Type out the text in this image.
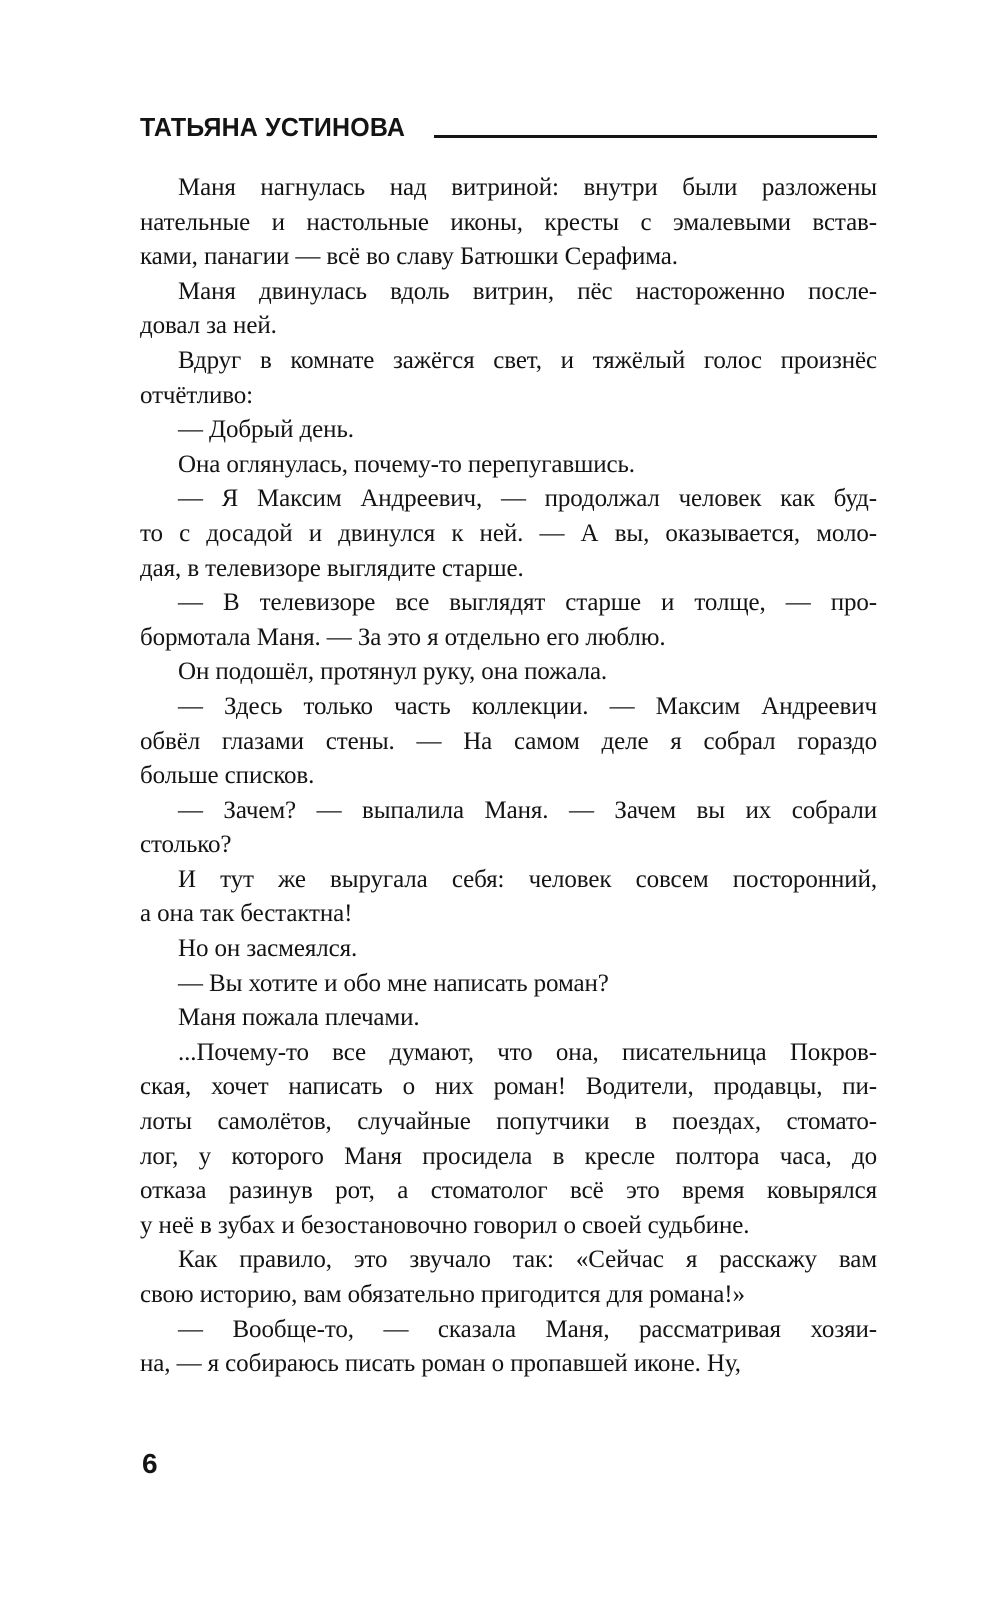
ТАТЬЯНА УСТИНОВА
Маня нагнулась над витриной: внутри были разложены
нательные и настольные иконы, кресты с эмалевыми встав-
ками, панагии — всё во славу Батюшки Серафима.
Маня двинулась вдоль витрин, пёс настороженно после-
довал за ней.
Вдруг в комнате зажёгся свет, и тяжёлый голос произнёс
отчётливо:
— Добрый день.
Она оглянулась, почему-то перепугавшись.
— Я Максим Андреевич, — продолжал человек как буд-
то с досадой и двинулся к ней. — А вы, оказывается, моло-
дая, в телевизоре выглядите старше.
— В телевизоре все выглядят старше и толще, — про-
бормотала Маня. — За это я отдельно его люблю.
Он подошёл, протянул руку, она пожала.
— Здесь только часть коллекции. — Максим Андреевич
обвёл глазами стены. — На самом деле я собрал гораздо
больше списков.
— Зачем? — выпалила Маня. — Зачем вы их собрали
столько?
И тут же выругала себя: человек совсем посторонний,
а она так бестактна!
Но он засмеялся.
— Вы хотите и обо мне написать роман?
Маня пожала плечами.
...Почему-то все думают, что она, писательница Покров-
ская, хочет написать о них роман! Водители, продавцы, пи-
лоты самолётов, случайные попутчики в поездах, стомато-
лог, у которого Маня просидела в кресле полтора часа, до
отказа разинув рот, а стоматолог всё это время ковырялся
у неё в зубах и безостановочно говорил о своей судьбине.
Как правило, это звучало так: «Сейчас я расскажу вам
свою историю, вам обязательно пригодится для романа!»
— Вообще-то, — сказала Маня, рассматривая хозяи-
на, — я собираюсь писать роман о пропавшей иконе. Ну,
6
